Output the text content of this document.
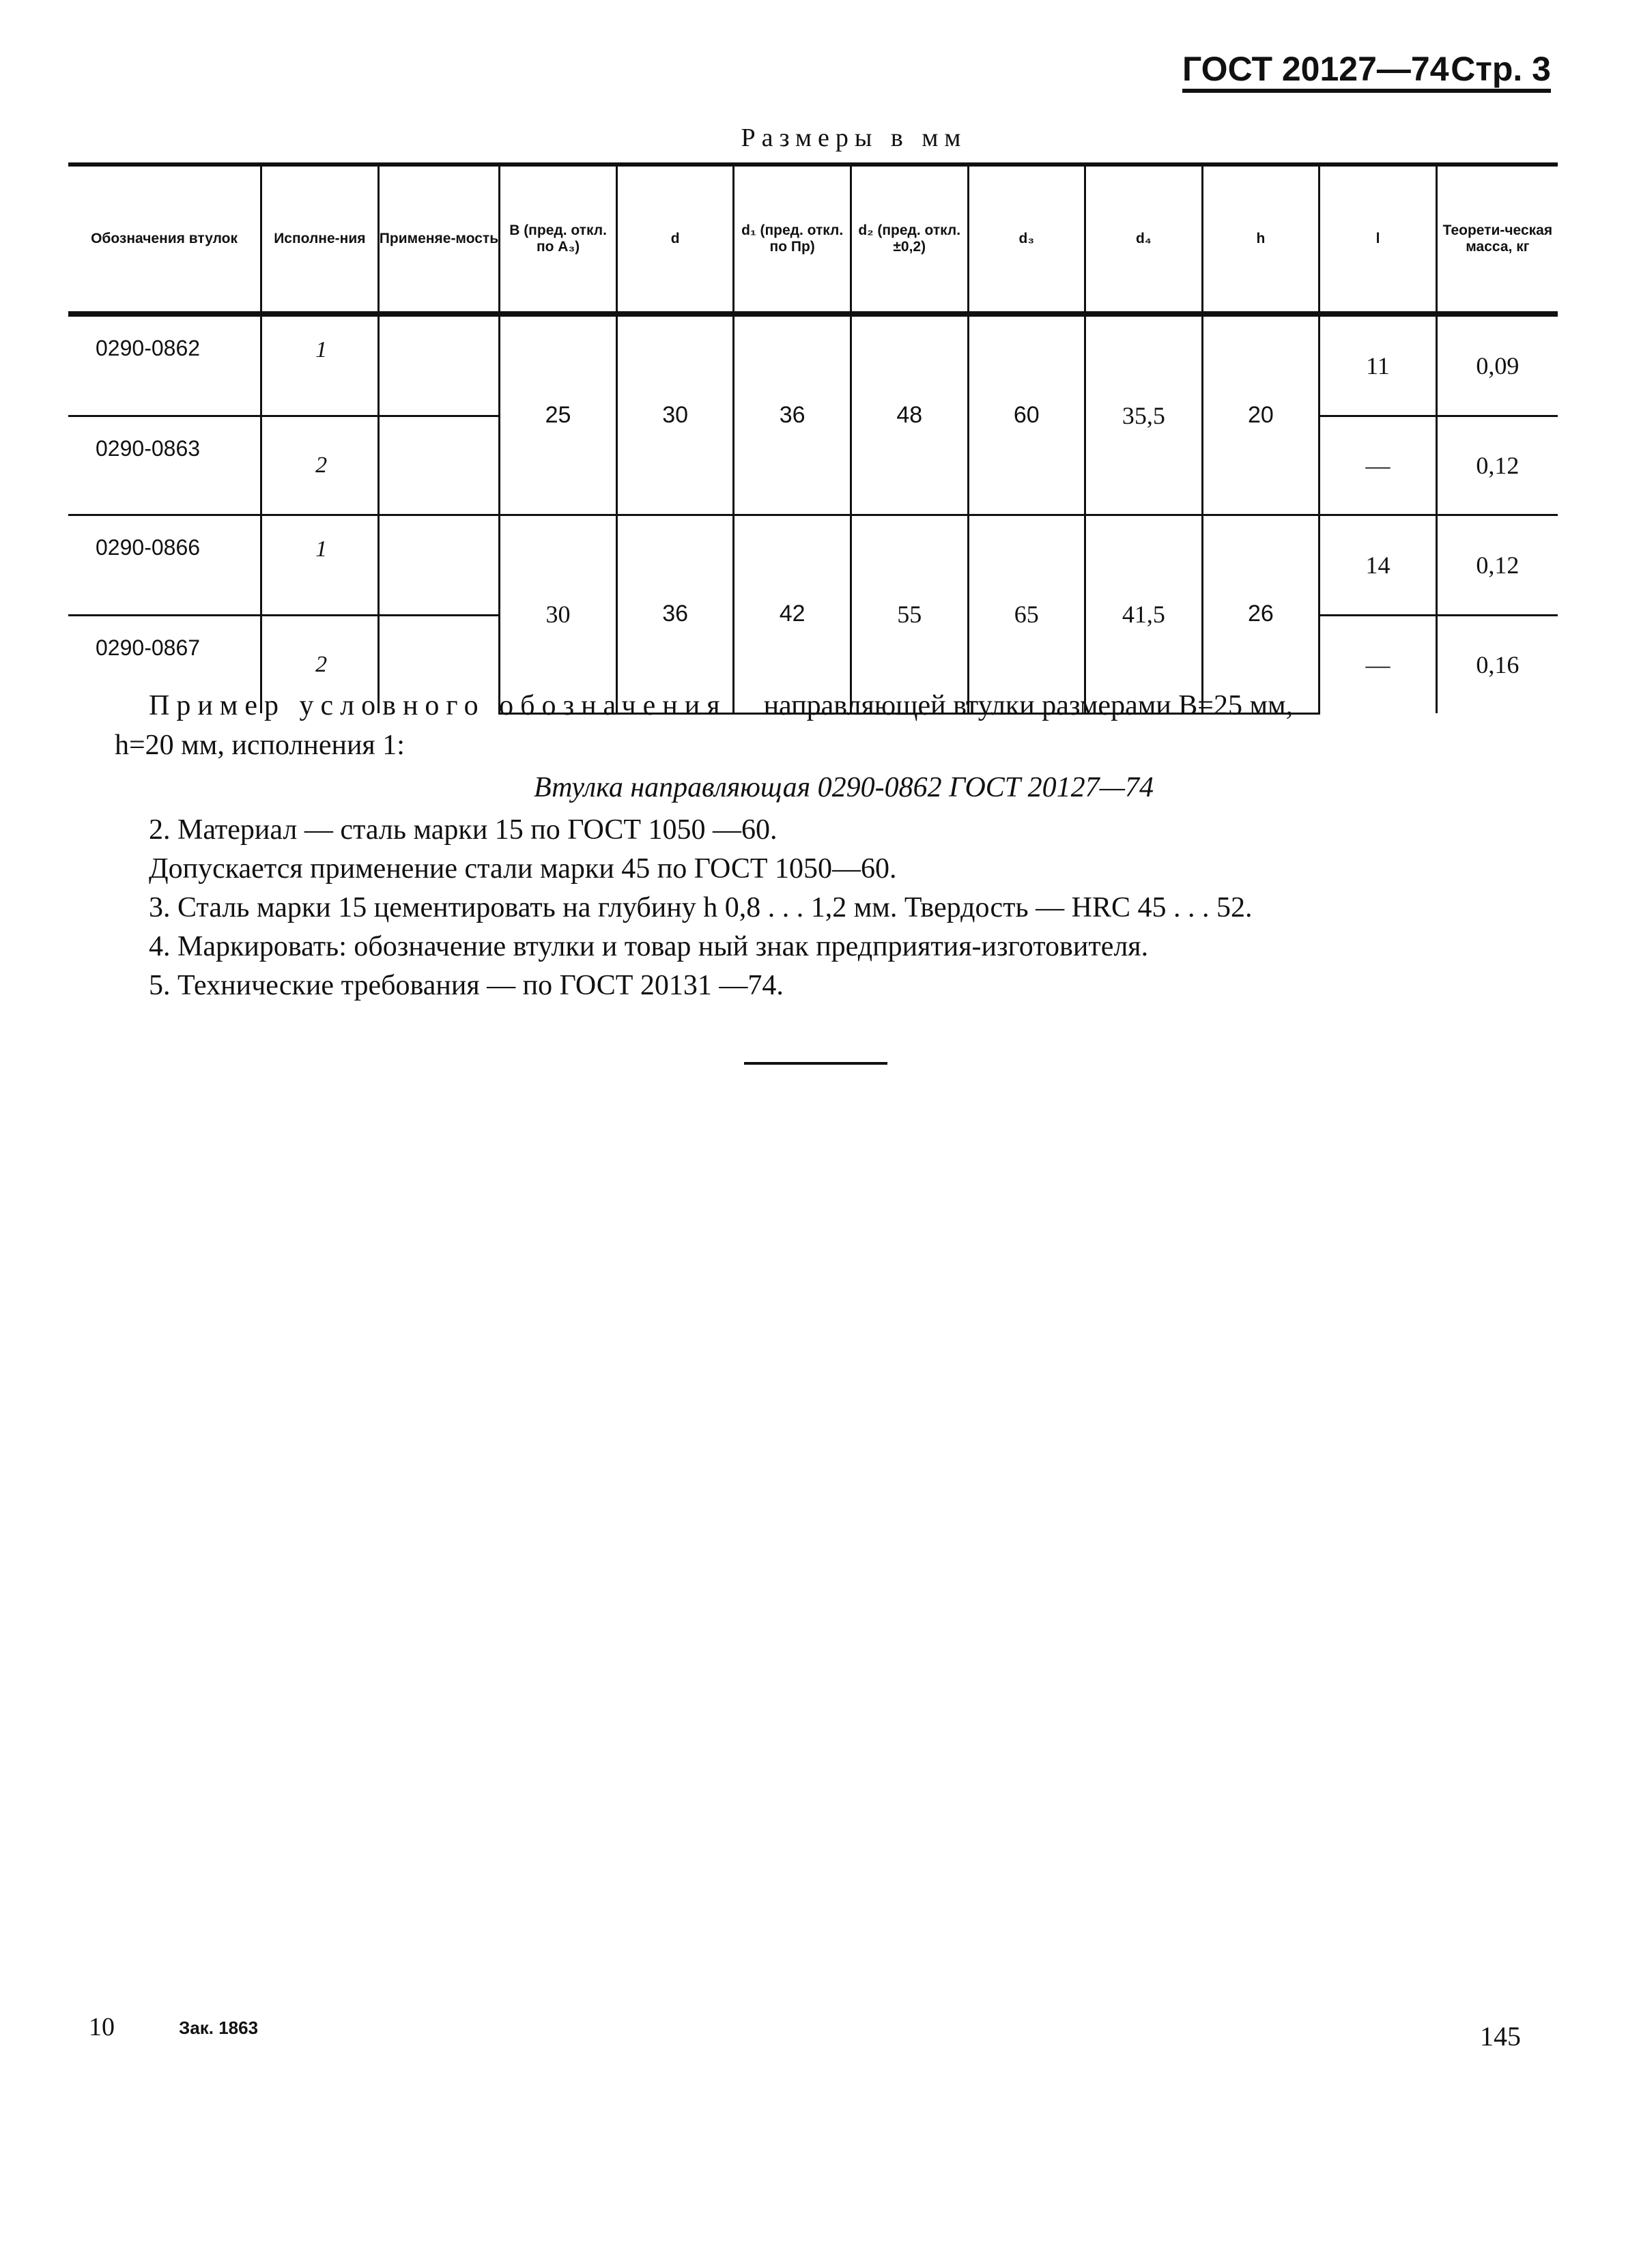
ГОСТ 20127—74 Стр. 3
Размеры в мм
Обозначения втулок	Исполне-ния	Применяе-мость	B (пред. откл. по A₃)	d	d₁ (пред. откл. по Пр)	d₂ (пред. откл. ±0,2)	d₃	d₄	h	l	Теорети-ческая масса, кг
0290-0862	1		25	30	36	48	60	35,5	20	11	0,09
0290-0863	2									—	0,12
0290-0866	1		30	36	42	55	65	41,5	26	14	0,12
0290-0867	2									—	0,16
Пример условного обозначения направляющей втулки размерами B=25 мм,
h=20 мм, исполнения 1:
Втулка направляющая 0290-0862 ГОСТ 20127—74
2. Материал — сталь марки 15 по ГОСТ 1050 —60.
Допускается применение стали марки 45 по ГОСТ 1050—60.
3. Сталь марки 15 цементировать на глубину h 0,8 . . . 1,2 мм. Твердость — HRC 45 . . . 52.
4. Маркировать: обозначение втулки и товар ный знак предприятия-изготовителя.
5. Технические требования — по ГОСТ 20131 —74.
10	Зак. 1863	145
